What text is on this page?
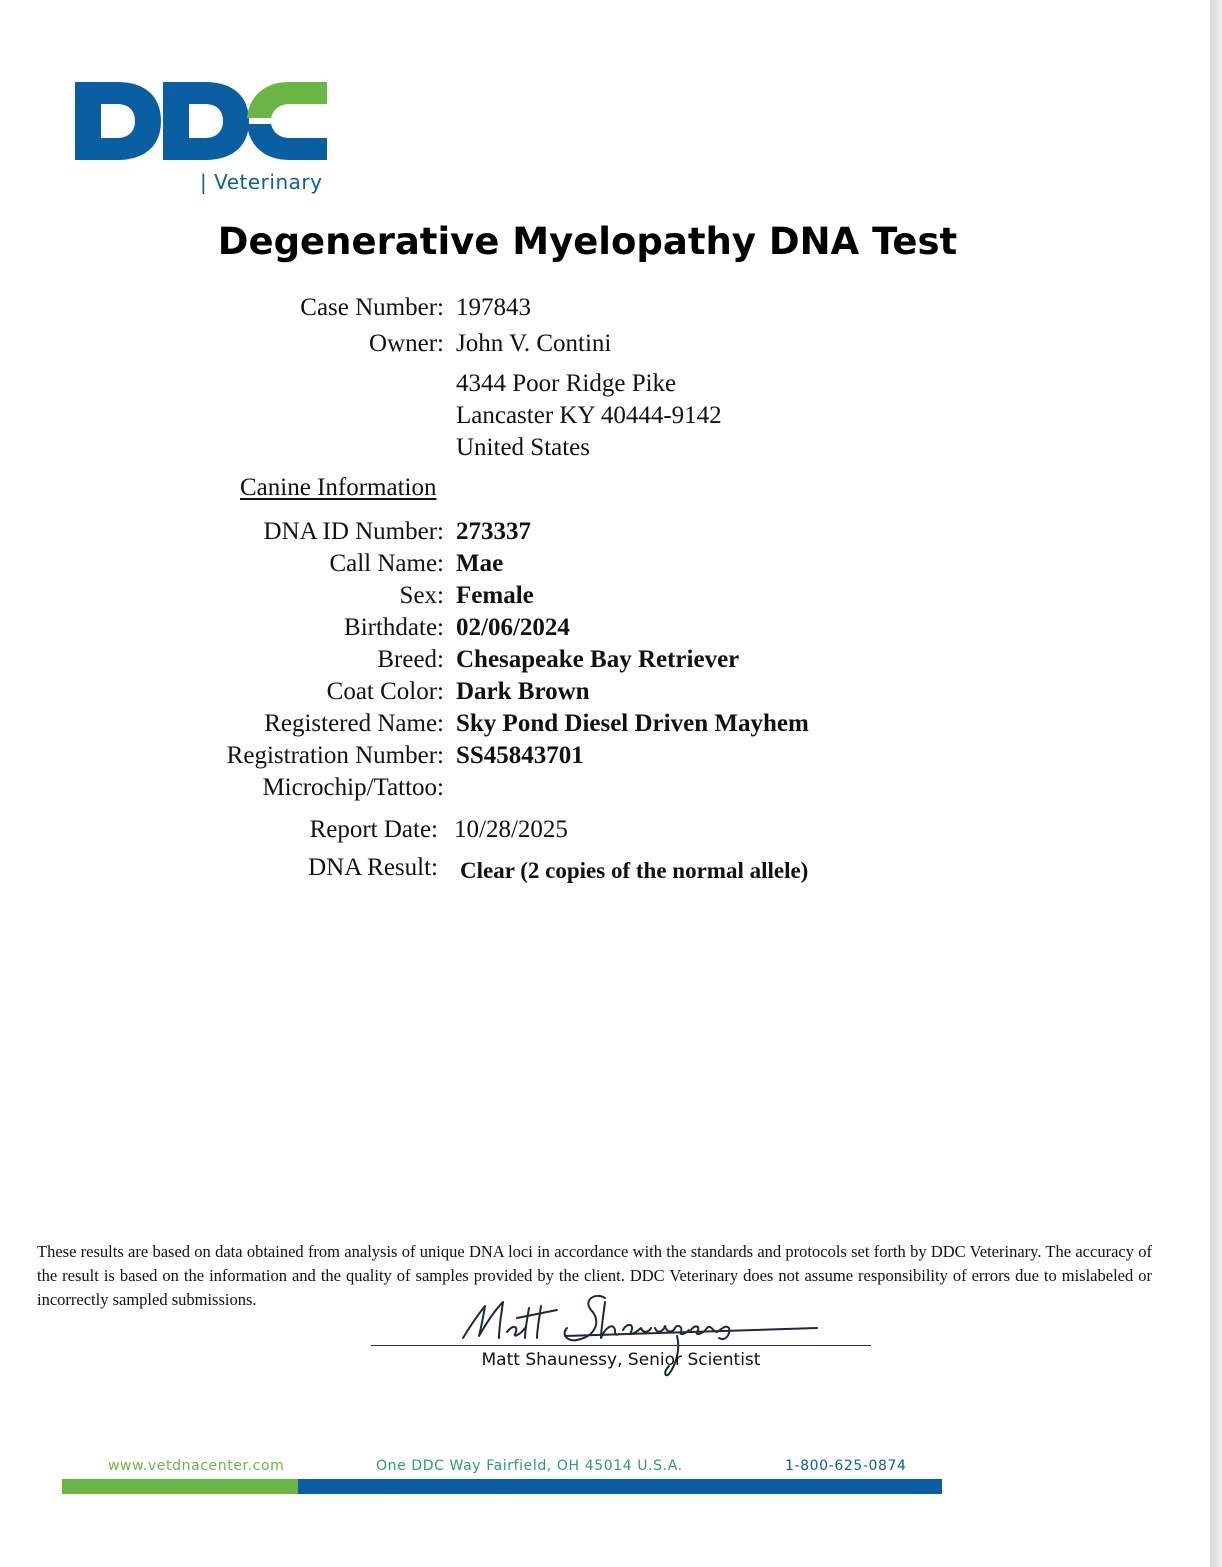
| Veterinary
Degenerative Myelopathy DNA Test
Case Number: 197843
Owner: John V. Contini
4344 Poor Ridge Pike
Lancaster KY 40444-9142
United States
Canine Information
DNA ID Number: 273337
Call Name: Mae
Sex: Female
Birthdate: 02/06/2024
Breed: Chesapeake Bay Retriever
Coat Color: Dark Brown
Registered Name: Sky Pond Diesel Driven Mayhem
Registration Number: SS45843701
Microchip/Tattoo:
Report Date: 10/28/2025
DNA Result: Clear (2 copies of the normal allele)
These results are based on data obtained from analysis of unique DNA loci in accordance with the standards and protocols set forth by DDC Veterinary. The accuracy of the result is based on the information and the quality of samples provided by the client. DDC Veterinary does not assume responsibility of errors due to mislabeled or incorrectly sampled submissions.
Matt Shaunessy, Senior Scientist
www.vetdnacenter.com	One DDC Way Fairfield, OH 45014 U.S.A.	1-800-625-0874
